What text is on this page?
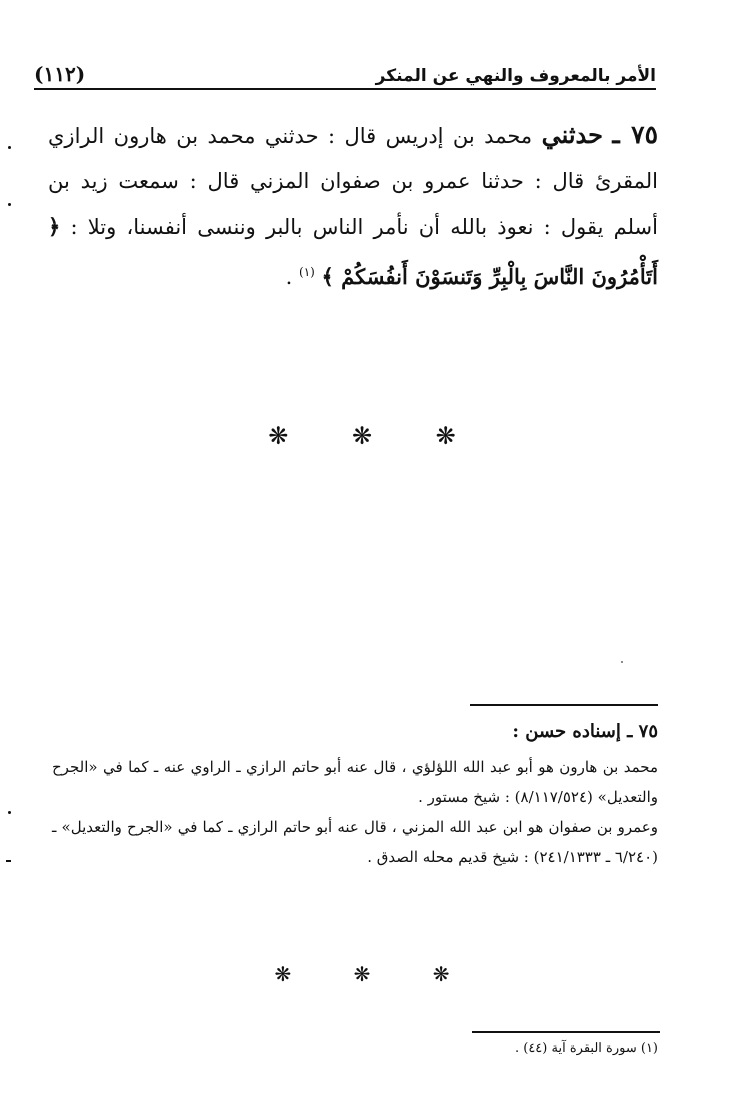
الأمر بالمعروف والنهي عن المنكر
(١١٢)
٧٥ ـ حدثني محمد بن إدريس قال : حدثني محمد بن هارون الرازي المقرئ قال : حدثنا عمرو بن صفوان المزني قال : سمعت زيد بن أسلم يقول : نعوذ بالله أن نأمر الناس بالبر وننسى أنفسنا، وتلا : ﴿ أَتَأْمُرُونَ النَّاسَ بِالْبِرِّ وَتَنسَوْنَ أَنفُسَكُمْ ﴾ $^{(١)}$ .
❋ ❋ ❋

٧٥ ـ إسناده حسن :

محمد بن هارون هو أبو عبد الله اللؤلؤي ، قال عنه أبو حاتم الرازي ـ الراوي عنه ـ كما في «الجرح والتعديل» (٨/١١٧/٥٢٤) : شيخ مستور .

وعمرو بن صفوان هو ابن عبد الله المزني ، قال عنه أبو حاتم الرازي ـ كما في «الجرح والتعديل» ـ (٦/٢٤٠ ـ ٢٤١/١٣٣٣) : شيخ قديم محله الصدق .

❋ ❋ ❋
(١) سورة البقرة آية (٤٤) .
